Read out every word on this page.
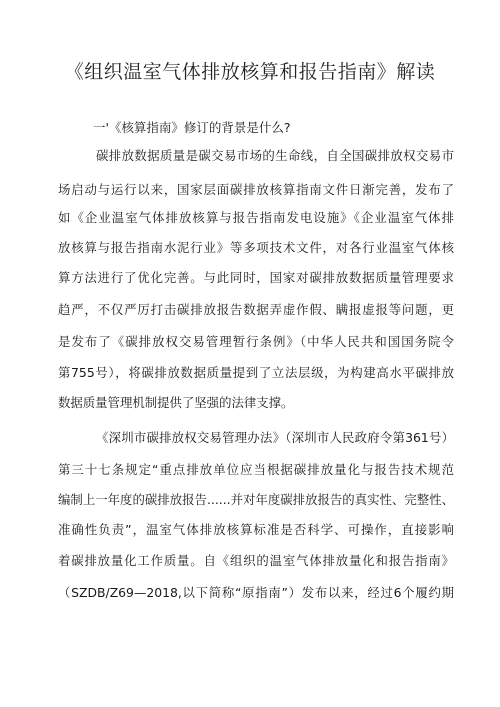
《组织温室气体排放核算和报告指南》解读
一'《核算指南》修订的背景是什么?
碳排放数据质量是碳交易市场的生命线，自全国碳排放权交易市
场启动与运行以来，国家层面碳排放核算指南文件日渐完善，发布了
如《企业温室气体排放核算与报告指南发电设施》《企业温室气体排
放核算与报告指南水泥行业》等多项技术文件，对各行业温室气体核
算方法进行了优化完善。与此同时，国家对碳排放数据质量管理要求
趋严，不仅严厉打击碳排放报告数据弄虚作假、瞒报虚报等问题，更
是发布了《碳排放权交易管理暂行条例》（中华人民共和国国务院令
第755号），将碳排放数据质量提到了立法层级，为构建高水平碳排放
数据质量管理机制提供了坚强的法律支撑。
《深圳市碳排放权交易管理办法》（深圳市人民政府令第361号）
第三十七条规定“重点排放单位应当根据碳排放量化与报告技术规范
编制上一年度的碳排放报告......并对年度碳排放报告的真实性、完整性、
准确性负责”，温室气体排放核算标准是否科学、可操作，直接影响
着碳排放量化工作质量。自《组织的温室气体排放量化和报告指南》
（SZDB/Z69—2018,以下简称“原指南”）发布以来，经过6个履约期
